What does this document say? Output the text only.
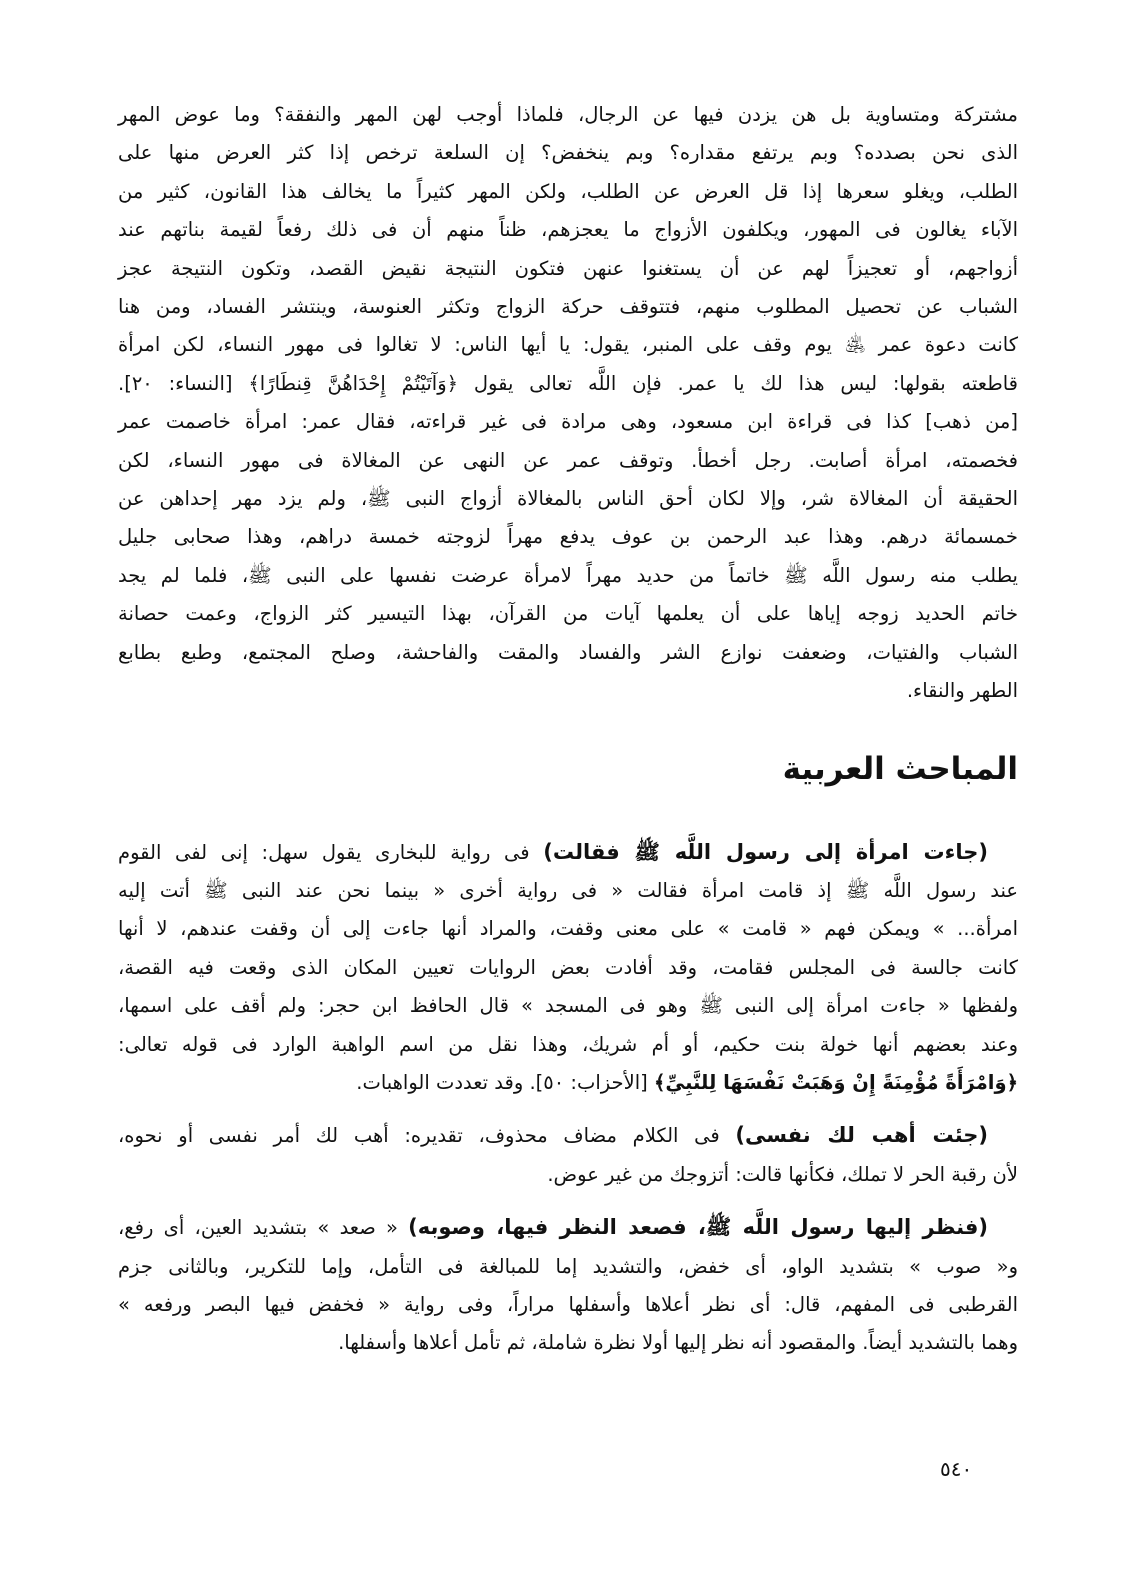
مشتركة ومتساوية بل هن يزدن فيها عن الرجال، فلماذا أوجب لهن المهر والنفقة؟ وما عوض المهر
الذى نحن بصدده؟ وبم يرتفع مقداره؟ وبم ينخفض؟ إن السلعة ترخص إذا كثر العرض منها على
الطلب، ويغلو سعرها إذا قل العرض عن الطلب، ولكن المهر كثيراً ما يخالف هذا القانون، كثير من
الآباء يغالون فى المهور، ويكلفون الأزواج ما يعجزهم، ظناً منهم أن فى ذلك رفعاً لقيمة بناتهم عند
أزواجهم، أو تعجيزاً لهم عن أن يستغنوا عنهن فتكون النتيجة نقيض القصد، وتكون النتيجة عجز
الشباب عن تحصيل المطلوب منهم، فتتوقف حركة الزواج وتكثر العنوسة، وينتشر الفساد، ومن هنا
كانت دعوة عمر ﵁ يوم وقف على المنبر، يقول: يا أيها الناس: لا تغالوا فى مهور النساء، لكن امرأة
قاطعته بقولها: ليس هذا لك يا عمر. فإن اللَّه تعالى يقول ﴿وَآتَيْتُمْ إِحْدَاهُنَّ قِنطَارًا﴾ [النساء: ٢٠].
[من ذهب] كذا فى قراءة ابن مسعود، وهى مرادة فى غير قراءته، فقال عمر: امرأة خاصمت عمر
فخصمته، امرأة أصابت. رجل أخطأ. وتوقف عمر عن النهى عن المغالاة فى مهور النساء، لكن
الحقيقة أن المغالاة شر، وإلا لكان أحق الناس بالمغالاة أزواج النبى ﷺ، ولم يزد مهر إحداهن عن
خمسمائة درهم. وهذا عبد الرحمن بن عوف يدفع مهراً لزوجته خمسة دراهم، وهذا صحابى جليل
يطلب منه رسول اللَّه ﷺ خاتماً من حديد مهراً لامرأة عرضت نفسها على النبى ﷺ، فلما لم يجد
خاتم الحديد زوجه إياها على أن يعلمها آيات من القرآن، بهذا التيسير كثر الزواج، وعمت حصانة
الشباب والفتيات، وضعفت نوازع الشر والفساد والمقت والفاحشة، وصلح المجتمع، وطبع بطابع
الطهر والنقاء.
المباحث العربية
(جاءت امرأة إلى رسول اللَّه ﷺ فقالت) فى رواية للبخارى يقول سهل: إنى لفى القوم
عند رسول اللَّه ﷺ إذ قامت امرأة فقالت « فى رواية أخرى « بينما نحن عند النبى ﷺ أتت إليه
امرأة... » ويمكن فهم « قامت » على معنى وقفت، والمراد أنها جاءت إلى أن وقفت عندهم، لا أنها
كانت جالسة فى المجلس فقامت، وقد أفادت بعض الروايات تعيين المكان الذى وقعت فيه القصة،
ولفظها « جاءت امرأة إلى النبى ﷺ وهو فى المسجد » قال الحافظ ابن حجر: ولم أقف على اسمها،
وعند بعضهم أنها خولة بنت حكيم، أو أم شريك، وهذا نقل من اسم الواهبة الوارد فى قوله تعالى:
﴿وَامْرَأَةً مُؤْمِنَةً إِنْ وَهَبَتْ نَفْسَهَا لِلنَّبِيِّ﴾ [الأحزاب: ٥٠]. وقد تعددت الواهبات.
(جئت أهب لك نفسى) فى الكلام مضاف محذوف، تقديره: أهب لك أمر نفسى أو نحوه،
لأن رقبة الحر لا تملك، فكأنها قالت: أتزوجك من غير عوض.
(فنظر إليها رسول اللَّه ﷺ، فصعد النظر فيها، وصوبه) « صعد » بتشديد العين، أى رفع،
و« صوب » بتشديد الواو، أى خفض، والتشديد إما للمبالغة فى التأمل، وإما للتكرير، وبالثانى جزم
القرطبى فى المفهم، قال: أى نظر أعلاها وأسفلها مراراً، وفى رواية « فخفض فيها البصر ورفعه »
وهما بالتشديد أيضاً. والمقصود أنه نظر إليها أولا نظرة شاملة، ثم تأمل أعلاها وأسفلها.
٥٤٠
